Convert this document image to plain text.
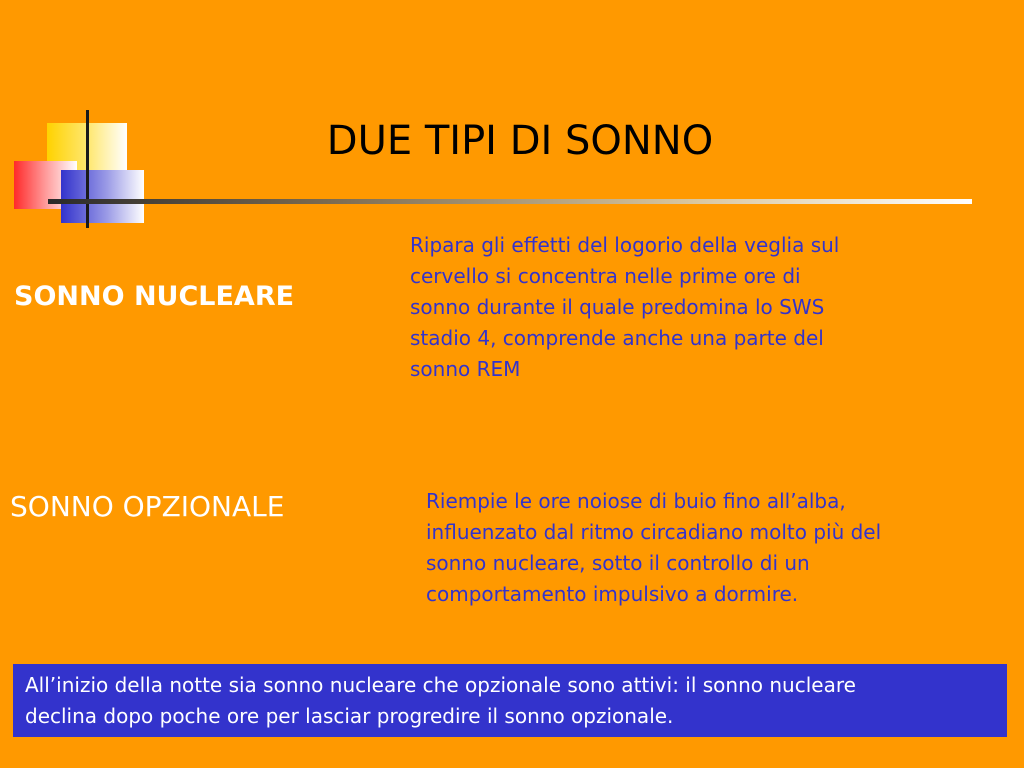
DUE TIPI DI SONNO
SONNO NUCLEARE
Ripara gli effetti del logorio della veglia sul
cervello si concentra nelle prime ore di
sonno durante il quale predomina lo SWS
stadio 4, comprende anche una parte del
sonno REM
SONNO OPZIONALE	Riempie le ore noiose di buio fino all’alba,
influenzato dal ritmo circadiano molto più del
sonno nucleare, sotto il controllo di un
comportamento impulsivo a dormire.
All’inizio della notte sia sonno nucleare che opzionale sono attivi: il sonno nucleare
declina dopo poche ore per lasciar progredire il sonno opzionale.
